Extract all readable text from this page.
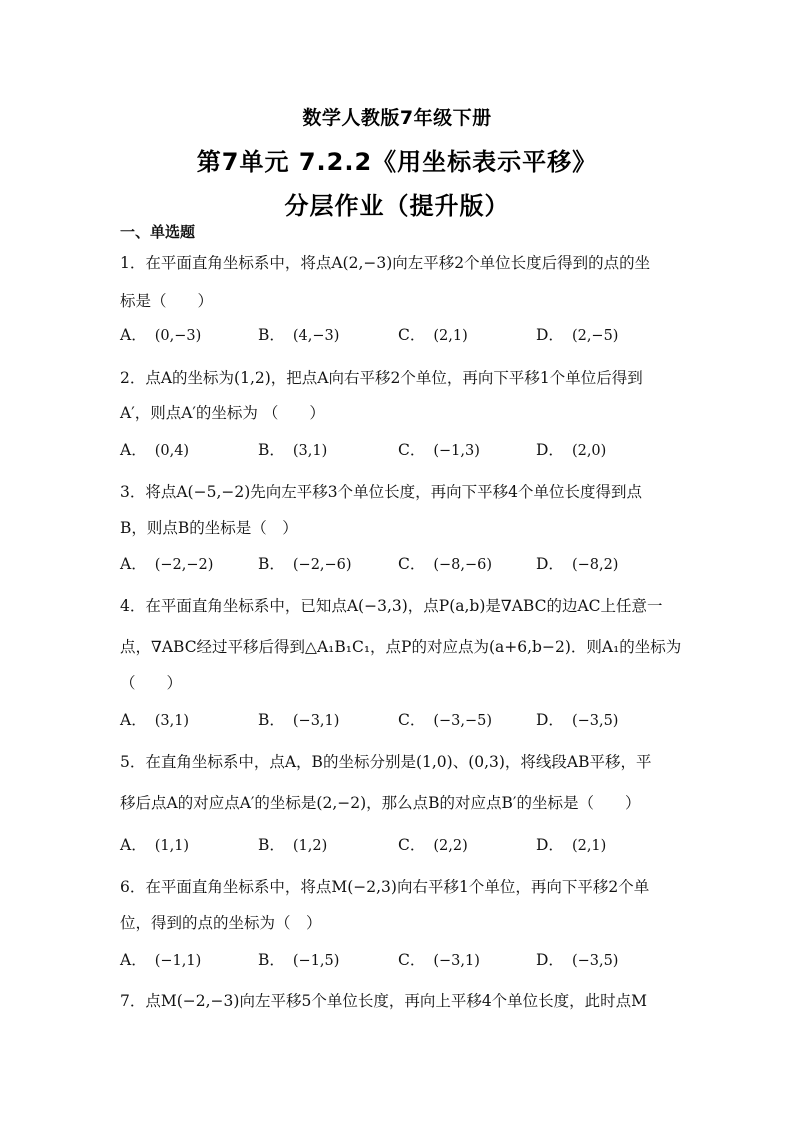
数学人教版7年级下册
第7单元 7.2.2《用坐标表示平移》
分层作业（提升版）
一、单选题
1．在平面直角坐标系中，将点A(2,−3)向左平移2个单位长度后得到的点的坐
标是（　　）
A． (0,−3)	B． (4,−3)	C． (2,1)	D． (2,−5)
2．点A的坐标为(1,2)，把点A向右平移2个单位，再向下平移1个单位后得到
A′，则点A′的坐标为 （　　）
A． (0,4)	B． (3,1)	C． (−1,3)	D． (2,0)
3．将点A(−5,−2)先向左平移3个单位长度，再向下平移4个单位长度得到点
B，则点B的坐标是（　）
A． (−2,−2)	B． (−2,−6)	C． (−8,−6)	D． (−8,2)
4．在平面直角坐标系中，已知点A(−3,3)，点P(a,b)是∇ABC的边AC上任意一
点，∇ABC经过平移后得到△A₁B₁C₁，点P的对应点为(a+6,b−2)．则A₁的坐标为
（　　）
A． (3,1)	B． (−3,1)	C． (−3,−5)	D． (−3,5)
5．在直角坐标系中，点A，B的坐标分别是(1,0)、(0,3)，将线段AB平移，平
移后点A的对应点A′的坐标是(2,−2)，那么点B的对应点B′的坐标是（　　）
A． (1,1)	B． (1,2)	C． (2,2)	D． (2,1)
6．在平面直角坐标系中，将点M(−2,3)向右平移1个单位，再向下平移2个单
位，得到的点的坐标为（　）
A． (−1,1)	B． (−1,5)	C． (−3,1)	D． (−3,5)
7．点M(−2,−3)向左平移5个单位长度，再向上平移4个单位长度，此时点M
